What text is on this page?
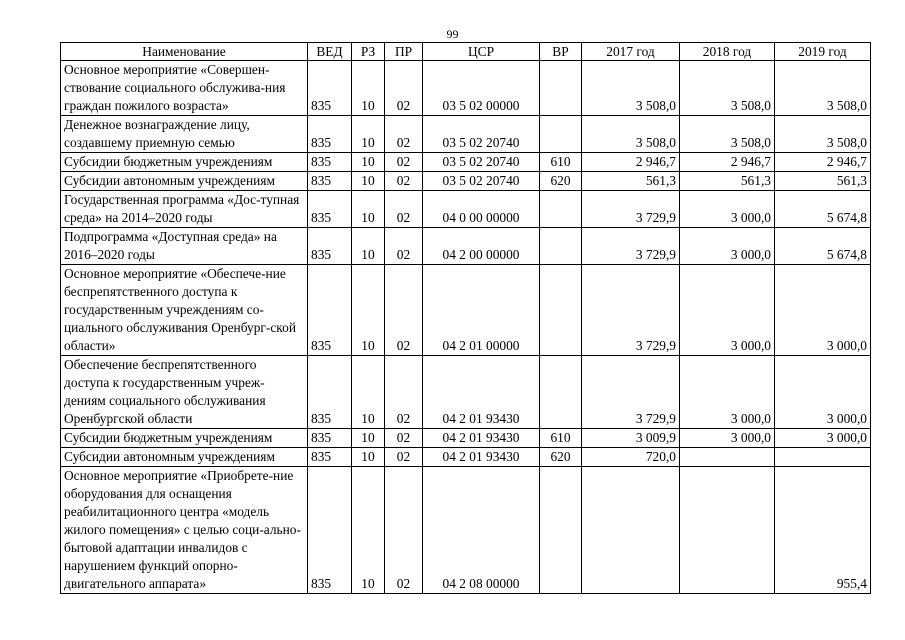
99
Наименование	ВЕД	РЗ	ПР	ЦСР	ВР	2017 год	2018 год	2019 год
Основное мероприятие «Совершен-ствование социального обслужива-ния граждан пожилого возраста»	835	10	02	03 5 02 00000		3 508,0	3 508,0	3 508,0
Денежное вознаграждение лицу, создавшему приемную семью	835	10	02	03 5 02 20740		3 508,0	3 508,0	3 508,0
Субсидии бюджетным учреждениям	835	10	02	03 5 02 20740	610	2 946,7	2 946,7	2 946,7
Субсидии автономным учреждениям	835	10	02	03 5 02 20740	620	561,3	561,3	561,3
Государственная программа «Дос-тупная среда» на 2014–2020 годы	835	10	02	04 0 00 00000		3 729,9	3 000,0	5 674,8
Подпрограмма «Доступная среда» на 2016–2020 годы	835	10	02	04 2 00 00000		3 729,9	3 000,0	5 674,8
Основное мероприятие «Обеспече-ние беспрепятственного доступа к государственным учреждениям со-циального обслуживания Оренбург-ской области»	835	10	02	04 2 01 00000		3 729,9	3 000,0	3 000,0
Обеспечение беспрепятственного доступа к государственным учреж-дениям социального обслуживания Оренбургской области	835	10	02	04 2 01 93430		3 729,9	3 000,0	3 000,0
Субсидии бюджетным учреждениям	835	10	02	04 2 01 93430	610	3 009,9	3 000,0	3 000,0
Субсидии автономным учреждениям	835	10	02	04 2 01 93430	620	720,0		
Основное мероприятие «Приобрете-ние оборудования для оснащения реабилитационного центра «модель жилого помещения» с целью соци-ально-бытовой адаптации инвалидов с нарушением функций опорно-двигательного аппарата»	835	10	02	04 2 08 00000				955,4
